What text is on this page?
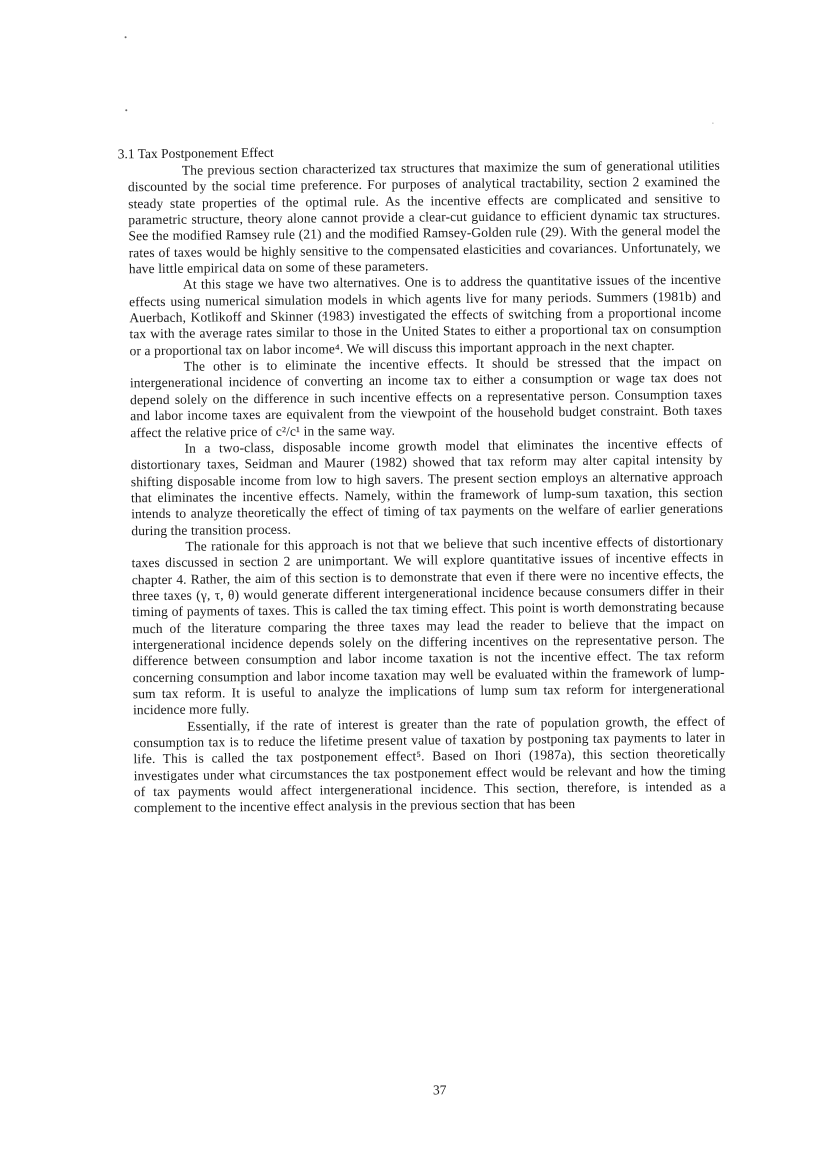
3.1 Tax Postponement Effect

The previous section characterized tax structures that maximize the sum of generational utilities discounted by the social time preference. For purposes of analytical tractability, section 2 examined the steady state properties of the optimal rule. As the incentive effects are complicated and sensitive to parametric structure, theory alone cannot provide a clear-cut guidance to efficient dynamic tax structures. See the modified Ramsey rule (21) and the modified Ramsey-Golden rule (29). With the general model the rates of taxes would be highly sensitive to the compensated elasticities and covariances. Unfortunately, we have little empirical data on some of these parameters.

At this stage we have two alternatives. One is to address the quantitative issues of the incentive effects using numerical simulation models in which agents live for many periods. Summers (1981b) and Auerbach, Kotlikoff and Skinner (1983) investigated the effects of switching from a proportional income tax with the average rates similar to those in the United States to either a proportional tax on consumption or a proportional tax on labor income⁴. We will discuss this important approach in the next chapter.

The other is to eliminate the incentive effects. It should be stressed that the impact on intergenerational incidence of converting an income tax to either a consumption or wage tax does not depend solely on the difference in such incentive effects on a representative person. Consumption taxes and labor income taxes are equivalent from the viewpoint of the household budget constraint. Both taxes affect the relative price of c²/c¹ in the same way.

In a two-class, disposable income growth model that eliminates the incentive effects of distortionary taxes, Seidman and Maurer (1982) showed that tax reform may alter capital intensity by shifting disposable income from low to high savers. The present section employs an alternative approach that eliminates the incentive effects. Namely, within the framework of lump-sum taxation, this section intends to analyze theoretically the effect of timing of tax payments on the welfare of earlier generations during the transition process.

The rationale for this approach is not that we believe that such incentive effects of distortionary taxes discussed in section 2 are unimportant. We will explore quantitative issues of incentive effects in chapter 4. Rather, the aim of this section is to demonstrate that even if there were no incentive effects, the three taxes (γ, τ, θ) would generate different intergenerational incidence because consumers differ in their timing of payments of taxes. This is called the tax timing effect. This point is worth demonstrating because much of the literature comparing the three taxes may lead the reader to believe that the impact on intergenerational incidence depends solely on the differing incentives on the representative person. The difference between consumption and labor income taxation is not the incentive effect. The tax reform concerning consumption and labor income taxation may well be evaluated within the framework of lump-sum tax reform. It is useful to analyze the implications of lump sum tax reform for intergenerational incidence more fully.

Essentially, if the rate of interest is greater than the rate of population growth, the effect of consumption tax is to reduce the lifetime present value of taxation by postponing tax payments to later in life. This is called the tax postponement effect⁵. Based on Ihori (1987a), this section theoretically investigates under what circumstances the tax postponement effect would be relevant and how the timing of tax payments would affect intergenerational incidence. This section, therefore, is intended as a complement to the incentive effect analysis in the previous section that has been

37
